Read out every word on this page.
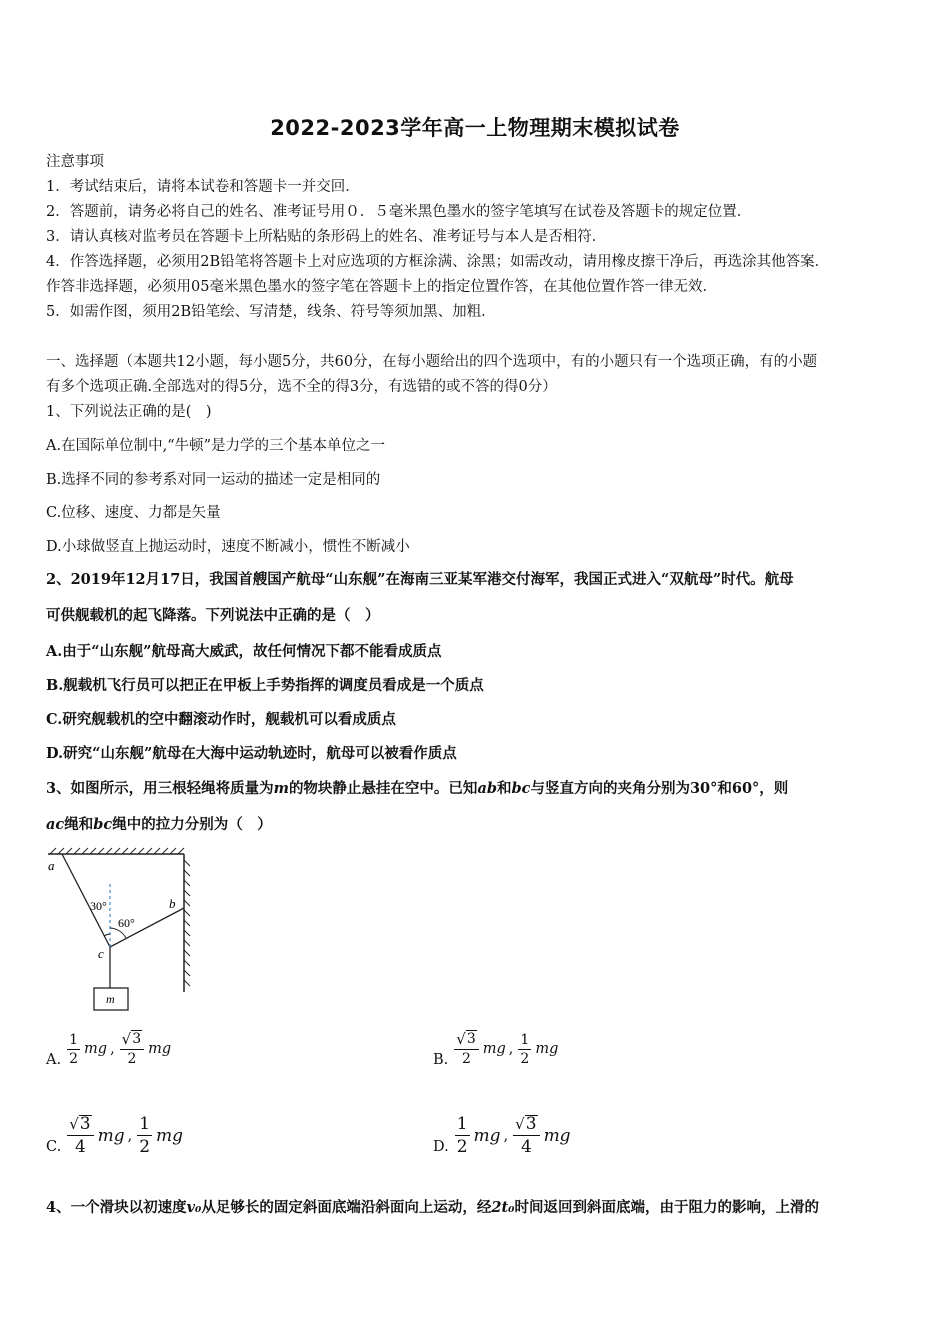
2022-2023学年高一上物理期末模拟试卷
注意事项
1．考试结束后，请将本试卷和答题卡一并交回．
2．答题前，请务必将自己的姓名、准考证号用０．５毫米黑色墨水的签字笔填写在试卷及答题卡的规定位置．
3．请认真核对监考员在答题卡上所粘贴的条形码上的姓名、准考证号与本人是否相符．
4．作答选择题，必须用2B铅笔将答题卡上对应选项的方框涂满、涂黑；如需改动，请用橡皮擦干净后，再选涂其他答案．
作答非选择题，必须用05毫米黑色墨水的签字笔在答题卡上的指定位置作答，在其他位置作答一律无效．
5．如需作图，须用2B铅笔绘、写清楚，线条、符号等须加黑、加粗．
一、选择题（本题共12小题，每小题5分，共60分，在每小题给出的四个选项中，有的小题只有一个选项正确，有的小题
有多个选项正确.全部选对的得5分，选不全的得3分，有选错的或不答的得0分）
1、下列说法正确的是(　)
A.在国际单位制中,“牛顿”是力学的三个基本单位之一
B.选择不同的参考系对同一运动的描述一定是相同的
C.位移、速度、力都是矢量
D.小球做竖直上抛运动时，速度不断减小，惯性不断减小
2、2019年12月17日，我国首艘国产航母“山东舰”在海南三亚某军港交付海军，我国正式进入“双航母”时代。航母
可供舰载机的起飞降落。下列说法中正确的是（　）
A.由于“山东舰”航母高大威武，故任何情况下都不能看成质点
B.舰载机飞行员可以把正在甲板上手势指挥的调度员看成是一个质点
C.研究舰载机的空中翻滚动作时，舰载机可以看成质点
D.研究“山东舰”航母在大海中运动轨迹时，航母可以被看作质点
3、如图所示，用三根轻绳将质量为m的物块静止悬挂在空中。已知ab和bc与竖直方向的夹角分别为30°和60°，则
ac绳和bc绳中的拉力分别为（　）
a
b
c
m
30°
60°
A. $\frac{1}{2}$ mg , $\frac{√ 3}{2}$ mg
B. $\frac{√ 3}{2}$ mg , $\frac{1}{2}$ mg
C. $\frac{√ 3}{4}$ mg , $\frac{1}{2}$ mg
D. $\frac{1}{2}$ mg , $\frac{√ 3}{4}$ mg
4、一个滑块以初速度v₀从足够长的固定斜面底端沿斜面向上运动，经2t₀时间返回到斜面底端，由于阻力的影响，上滑的
